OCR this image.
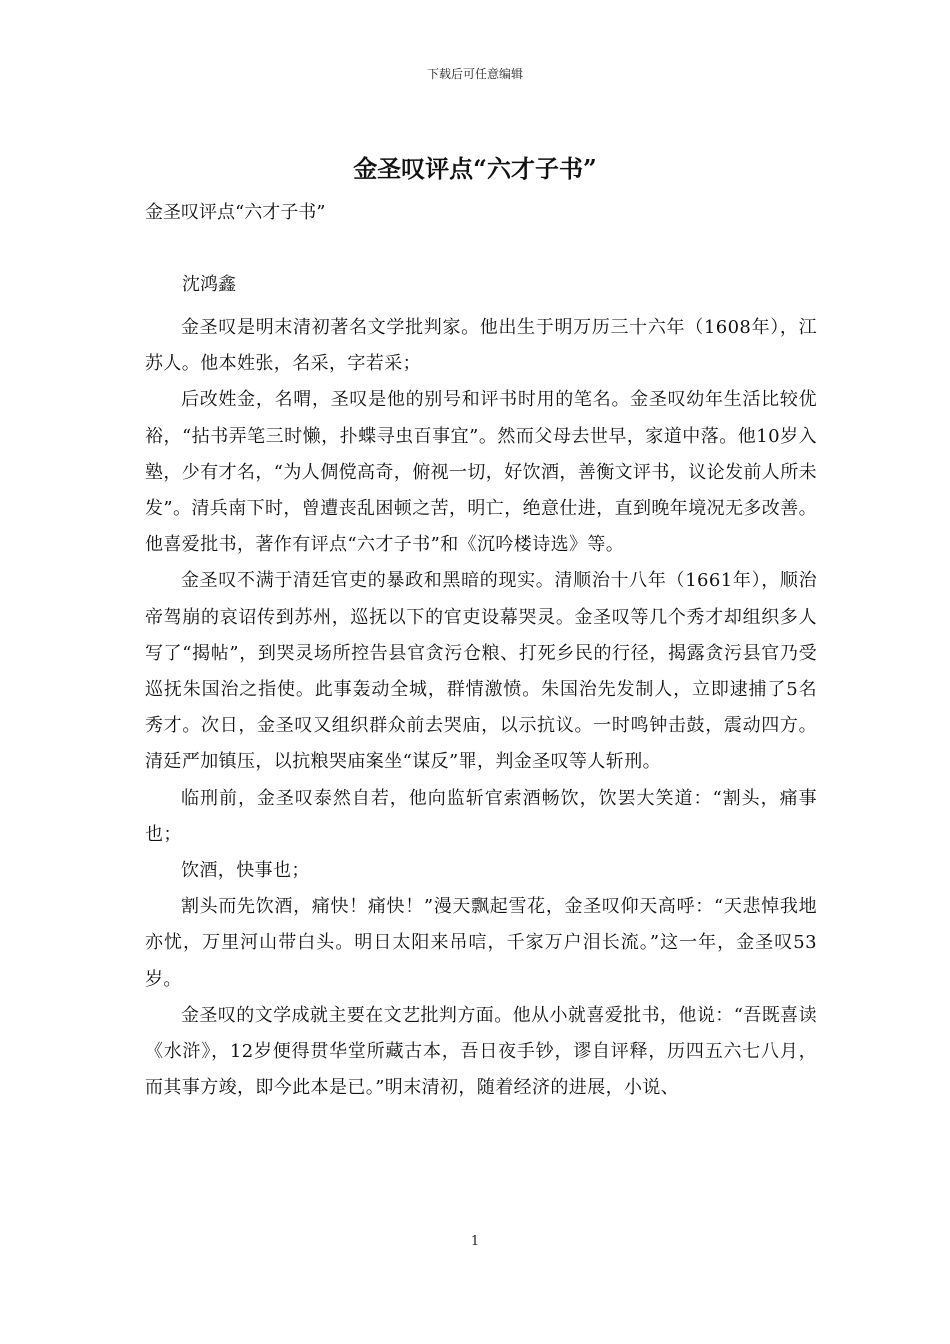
下载后可任意编辑
金圣叹评点“六才子书”

金圣叹评点“六才子书”

沈鸿鑫

金圣叹是明末清初著名文学批判家。他出生于明万历三十六年（1608年），江苏人。他本姓张，名采，字若采；

后改姓金，名喟，圣叹是他的别号和评书时用的笔名。金圣叹幼年生活比较优裕，“拈书弄笔三时懒，扑蝶寻虫百事宜”。然而父母去世早，家道中落。他10岁入塾，少有才名，“为人倜傥高奇，俯视一切，好饮酒，善衡文评书，议论发前人所未发”。清兵南下时，曾遭丧乱困顿之苦，明亡，绝意仕进，直到晚年境况无多改善。他喜爱批书，著作有评点“六才子书”和《沉吟楼诗选》等。

金圣叹不满于清廷官吏的暴政和黑暗的现实。清顺治十八年（1661年），顺治帝驾崩的哀诏传到苏州，巡抚以下的官吏设幕哭灵。金圣叹等几个秀才却组织多人写了“揭帖”，到哭灵场所控告县官贪污仓粮、打死乡民的行径，揭露贪污县官乃受巡抚朱国治之指使。此事轰动全城，群情激愤。朱国治先发制人，立即逮捕了5名秀才。次日，金圣叹又组织群众前去哭庙，以示抗议。一时鸣钟击鼓，震动四方。清廷严加镇压，以抗粮哭庙案坐“谋反”罪，判金圣叹等人斩刑。

临刑前，金圣叹泰然自若，他向监斩官索酒畅饮，饮罢大笑道：“割头，痛事也；

饮酒，快事也；

割头而先饮酒，痛快！痛快！”漫天飘起雪花，金圣叹仰天高呼：“天悲悼我地亦忧，万里河山带白头。明日太阳来吊唁，千家万户泪长流。”这一年，金圣叹53岁。

金圣叹的文学成就主要在文艺批判方面。他从小就喜爱批书，他说：“吾既喜读《水浒》，12岁便得贯华堂所藏古本，吾日夜手钞，谬自评释，历四五六七八月，而其事方竣，即今此本是已。”明末清初，随着经济的进展，小说、

1
